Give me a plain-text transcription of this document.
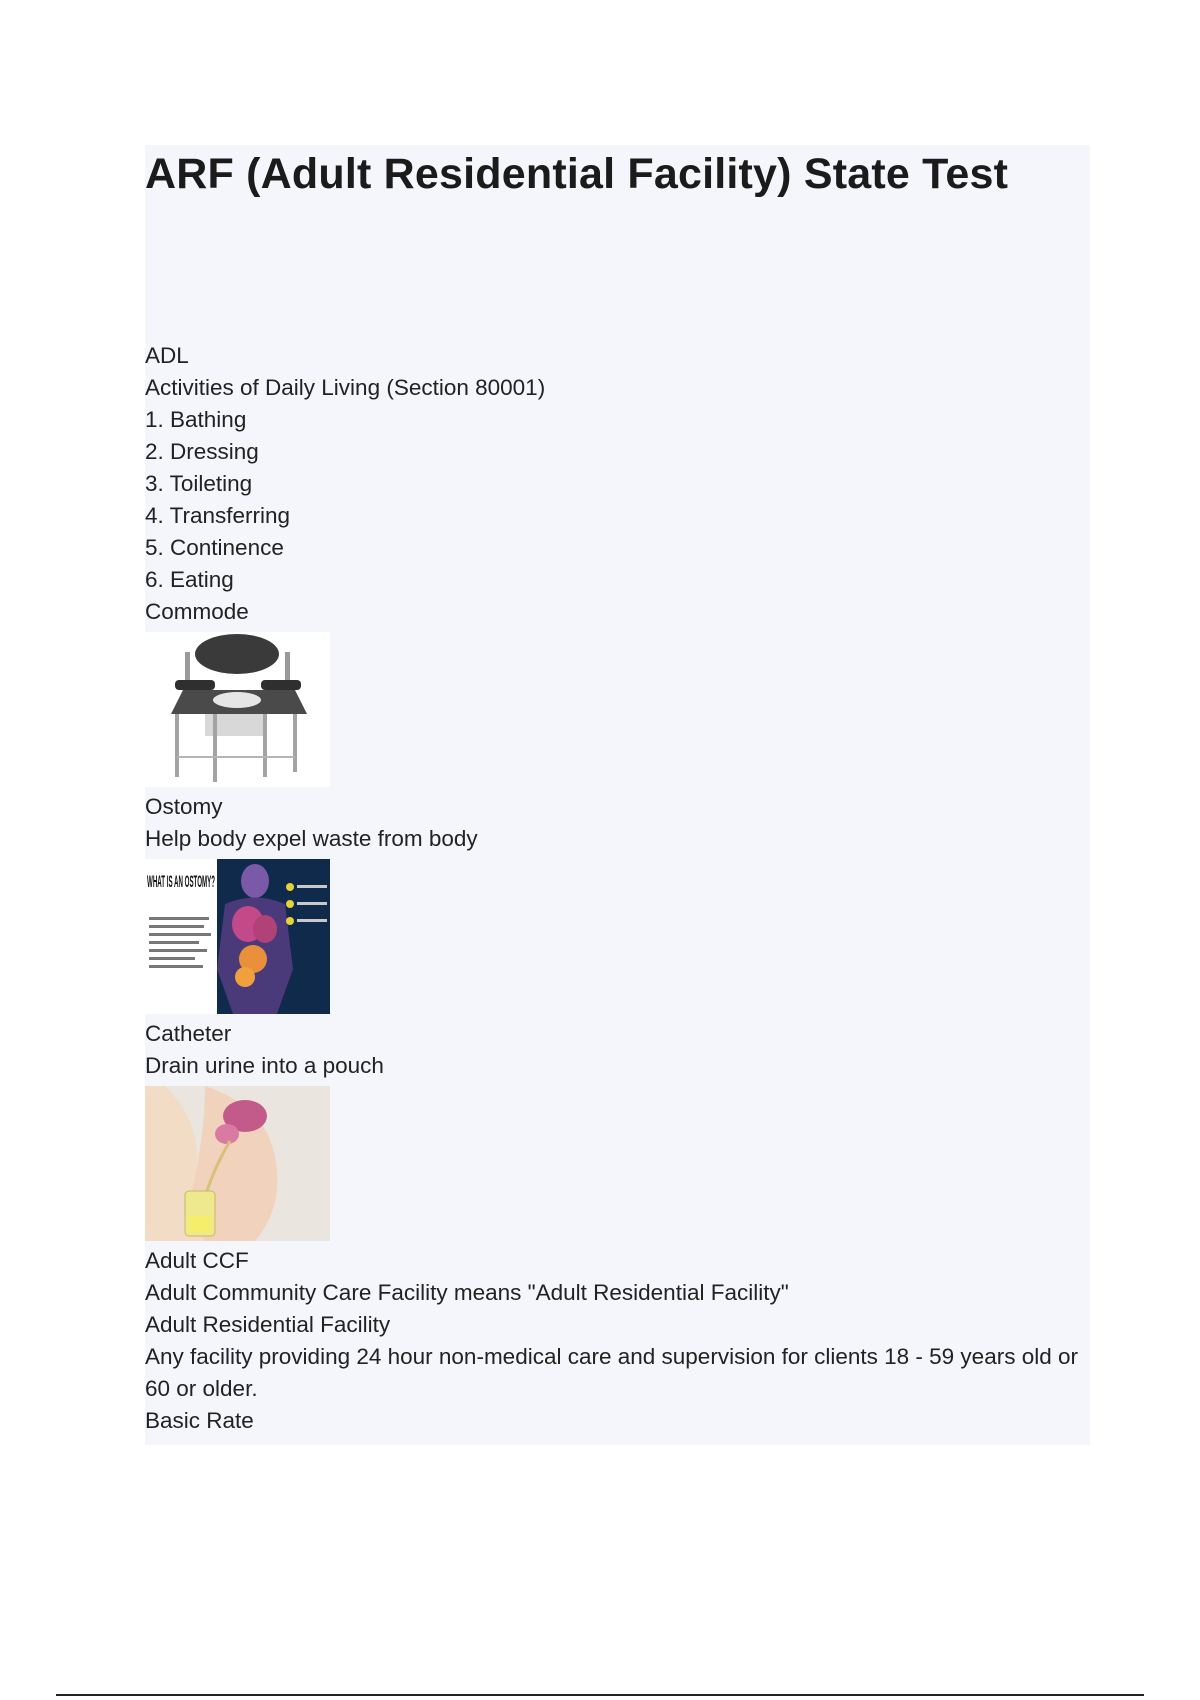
ARF (Adult Residential Facility) State Test
ADL
Activities of Daily Living (Section 80001)
1. Bathing
2. Dressing
3. Toileting
4. Transferring
5. Continence
6. Eating
Commode
Ostomy
Help body expel waste from body
WHAT IS AN OSTOMY?
Catheter
Drain urine into a pouch
Adult CCF
Adult Community Care Facility means "Adult Residential Facility"
Adult Residential Facility
Any facility providing 24 hour non-medical care and supervision for clients 18 - 59 years old or 60 or older.
Basic Rate
